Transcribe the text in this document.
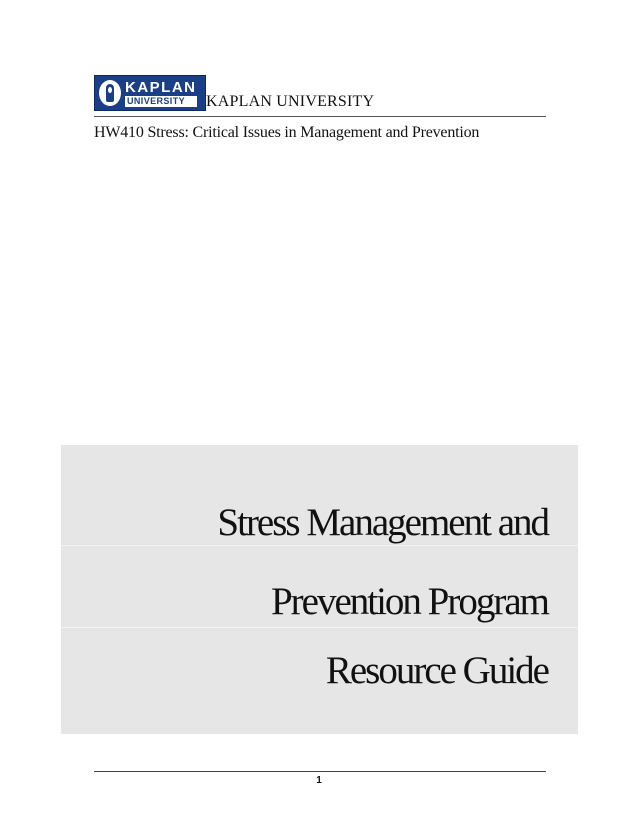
KAPLAN
UNIVERSITY	KAPLAN UNIVERSITY
HW410 Stress: Critical Issues in Management and Prevention
Stress Management and
Prevention Program
Resource Guide
1
